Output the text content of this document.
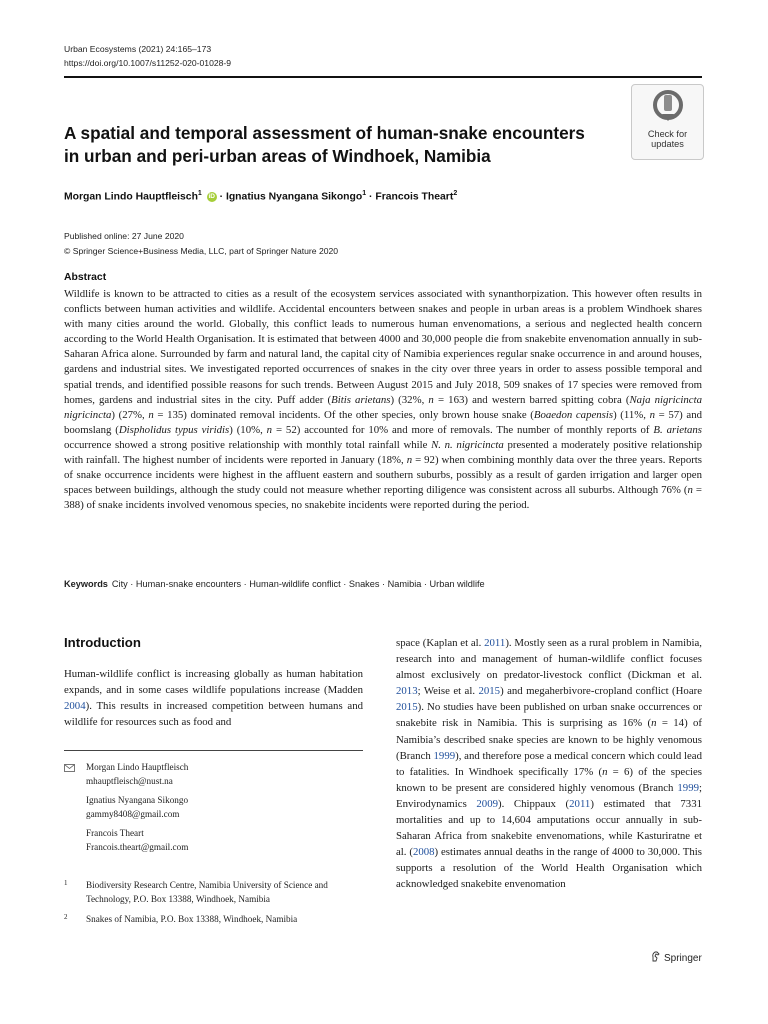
Urban Ecosystems (2021) 24:165–173
https://doi.org/10.1007/s11252-020-01028-9
Check for
updates
A spatial and temporal assessment of human-snake encounters in urban and peri-urban areas of Windhoek, Namibia
Morgan Lindo Hauptfleisch$^1$ iD · Ignatius Nyangana Sikongo$^1$ · Francois Theart$^2$
Published online: 27 June 2020
© Springer Science+Business Media, LLC, part of Springer Nature 2020
Abstract

Wildlife is known to be attracted to cities as a result of the ecosystem services associated with synanthorpization. This however often results in conflicts between human activities and wildlife. Accidental encounters between snakes and people in urban areas is a problem Windhoek shares with many cities around the world. Globally, this conflict leads to numerous human envenomations, a serious and neglected health concern according to the World Health Organisation. It is estimated that between 4000 and 30,000 people die from snakebite envenomation annually in sub-Saharan Africa alone. Surrounded by farm and natural land, the capital city of Namibia experiences regular snake occurrence in and around houses, gardens and industrial sites. We investigated reported occurrences of snakes in the city over three years in order to assess possible temporal and spatial trends, and identified possible reasons for such trends. Between August 2015 and July 2018, 509 snakes of 17 species were removed from homes, gardens and industrial sites in the city. Puff adder (Bitis arietans) (32%, n = 163) and western barred spitting cobra (Naja nigricincta nigricincta) (27%, n = 135) dominated removal incidents. Of the other species, only brown house snake (Boaedon capensis) (11%, n = 57) and boomslang (Dispholidus typus viridis) (10%, n = 52) accounted for 10% and more of removals. The number of monthly reports of B. arietans occurrence showed a strong positive relationship with monthly total rainfall while N. n. nigricincta presented a moderately positive relationship with rainfall. The highest number of incidents were reported in January (18%, n = 92) when combining monthly data over the three years. Reports of snake occurrence incidents were highest in the affluent eastern and southern suburbs, possibly as a result of garden irrigation and larger open spaces between buildings, although the study could not measure whether reporting diligence was consistent across all suburbs. Although 76% (n = 388) of snake incidents involved venomous species, no snakebite incidents were reported during the period.

Keywords City · Human-snake encounters · Human-wildlife conflict · Snakes · Namibia · Urban wildlife
Introduction

Human-wildlife conflict is increasing globally as human habitation expands, and in some cases wildlife populations increase (Madden 2004). This results in increased competition between humans and wildlife for resources such as food and

Morgan Lindo Hauptfleisch
mhauptfleisch@nust.na
Ignatius Nyangana Sikongo
gammy8408@gmail.com
Francois Theart
Francois.theart@gmail.com
1 Biodiversity Research Centre, Namibia University of Science and Technology, P.O. Box 13388, Windhoek, Namibia
2 Snakes of Namibia, P.O. Box 13388, Windhoek, Namibia

space (Kaplan et al. 2011). Mostly seen as a rural problem in Namibia, research into and management of human-wildlife conflict focuses almost exclusively on predator-livestock conflict (Dickman et al. 2013; Weise et al. 2015) and megaherbivore-cropland conflict (Hoare 2015). No studies have been published on urban snake occurrences or snakebite risk in Namibia. This is surprising as 16% (n = 14) of Namibia’s described snake species are known to be highly venomous (Branch 1999), and therefore pose a medical concern which could lead to fatalities. In Windhoek specifically 17% (n = 6) of the species known to be present are considered highly venomous (Branch 1999; Envirodynamics 2009). Chippaux (2011) estimated that 7331 mortalities and up to 14,604 amputations occur annually in sub-Saharan Africa from snakebite envenomations, while Kasturiratne et al. (2008) estimates annual deaths in the range of 4000 to 30,000. This supports a resolution of the World Health Organisation which acknowledged snakebite envenomation

Springer
